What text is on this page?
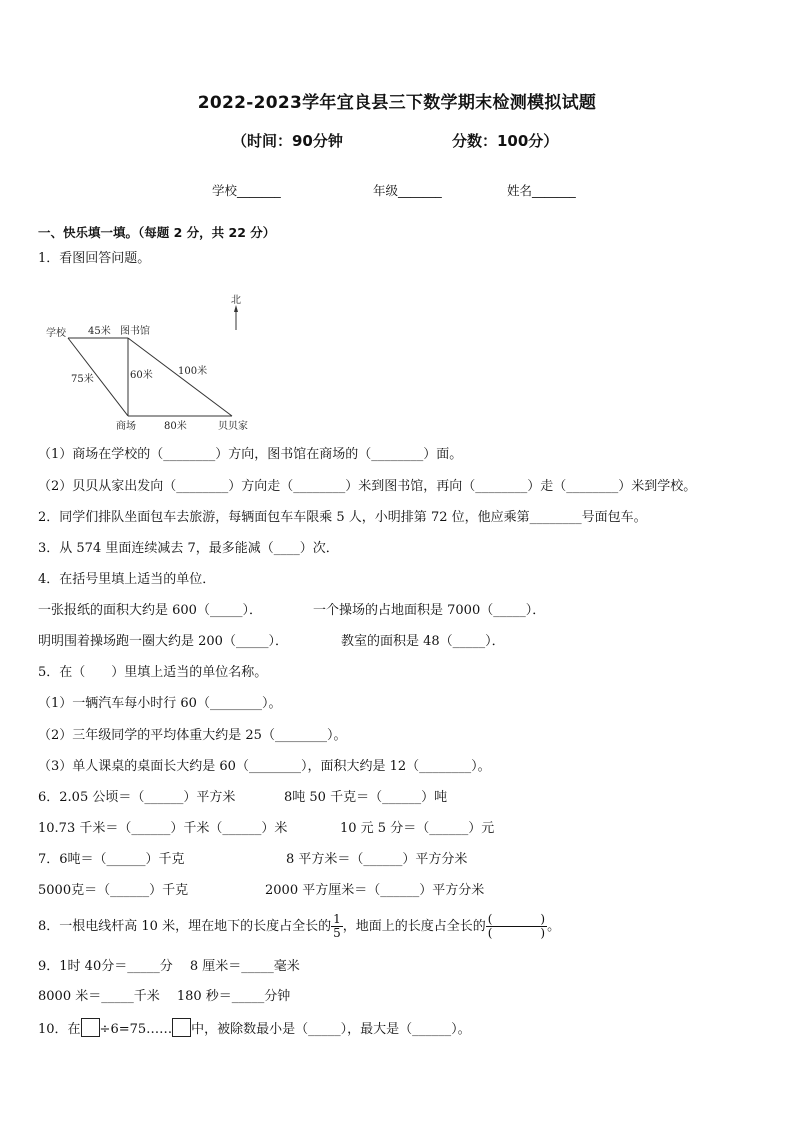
2022-2023学年宜良县三下数学期末检测模拟试题
（时间：90分钟	分数：100分）
学校_______	年级_______	姓名_______
一、快乐填一填。（每题 2 分，共 22 分）
1．看图回答问题。
北
学校	图书馆
商场	贝贝家
45米
75米	60米	100米
80米
（1）商场在学校的（________）方向，图书馆在商场的（________）面。
（2）贝贝从家出发向（________）方向走（________）米到图书馆，再向（________）走（________）米到学校。
2．同学们排队坐面包车去旅游，每辆面包车车限乘 5 人，小明排第 72 位，他应乘第________号面包车。
3．从 574 里面连续减去 7，最多能减（____）次．
4．在括号里填上适当的单位．
一张报纸的面积大约是 600（_____）．	一个操场的占地面积是 7000（_____）．
明明围着操场跑一圈大约是 200（_____）．	教室的面积是 48（_____）．
5．在（　　）里填上适当的单位名称。
（1）一辆汽车每小时行 60（________）。
（2）三年级同学的平均体重大约是 25（________）。
（3）单人课桌的桌面长大约是 60（________），面积大约是 12（________）。
6．2.05 公顷＝（______）平方米	8吨 50 千克＝（______）吨
10.73 千米＝（______）千米（______）米	10 元 5 分＝（______）元
7．6吨＝（______）千克	8 平方米＝（______）平方分米
5000克＝（______）千克	2000 平方厘米＝（______）平方分米
8．一根电线杆高 10 米，埋在地下的长度占全长的 $\frac{1}{5}$ ，地面上的长度占全长的 $\frac{( )}{( )}$ 。
9．1时 40分＝_____分　 8 厘米＝_____毫米
8000 米＝_____千米　 180 秒＝_____分钟
10．在 ÷6=75…… 中，被除数最小是（_____），最大是（______）。
